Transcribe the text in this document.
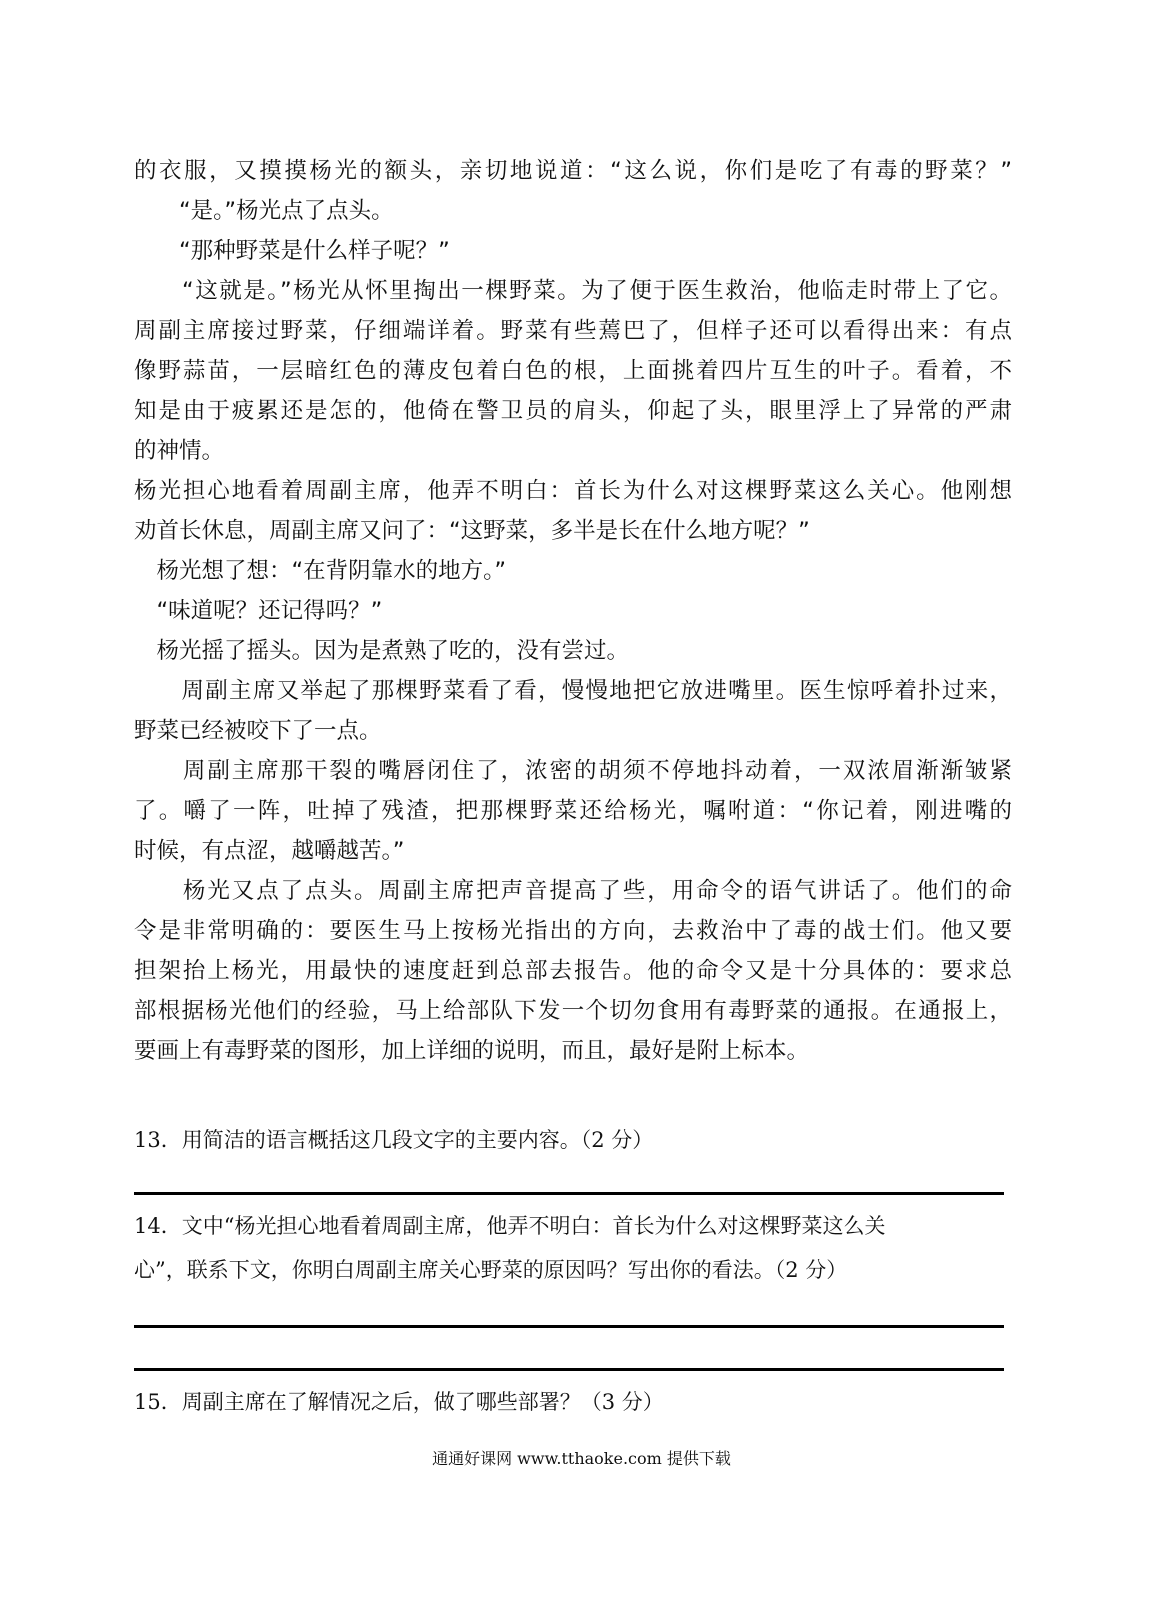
的衣服，又摸摸杨光的额头，亲切地说道：“这么说，你们是吃了有毒的野菜？”
　　“是。”杨光点了点头。
　　“那种野菜是什么样子呢？”
　　“这就是。”杨光从怀里掏出一棵野菜。为了便于医生救治，他临走时带上了它。
周副主席接过野菜，仔细端详着。野菜有些蔫巴了，但样子还可以看得出来：有点
像野蒜苗，一层暗红色的薄皮包着白色的根，上面挑着四片互生的叶子。看着，不
知是由于疲累还是怎的，他倚在警卫员的肩头，仰起了头，眼里浮上了异常的严肃
的神情。
杨光担心地看着周副主席，他弄不明白：首长为什么对这棵野菜这么关心。他刚想
劝首长休息，周副主席又问了：“这野菜，多半是长在什么地方呢？”
　杨光想了想：“在背阴靠水的地方。”
　“味道呢？还记得吗？”
　杨光摇了摇头。因为是煮熟了吃的，没有尝过。
　　周副主席又举起了那棵野菜看了看，慢慢地把它放进嘴里。医生惊呼着扑过来，
野菜已经被咬下了一点。
　　周副主席那干裂的嘴唇闭住了，浓密的胡须不停地抖动着，一双浓眉渐渐皱紧
了。嚼了一阵，吐掉了残渣，把那棵野菜还给杨光，嘱咐道：“你记着，刚进嘴的
时候，有点涩，越嚼越苦。”
　　杨光又点了点头。周副主席把声音提高了些，用命令的语气讲话了。他们的命
令是非常明确的：要医生马上按杨光指出的方向，去救治中了毒的战士们。他又要
担架抬上杨光，用最快的速度赶到总部去报告。他的命令又是十分具体的：要求总
部根据杨光他们的经验，马上给部队下发一个切勿食用有毒野菜的通报。在通报上，
要画上有毒野菜的图形，加上详细的说明，而且，最好是附上标本。
13．用简洁的语言概括这几段文字的主要内容。（2 分）
14．文中“杨光担心地看着周副主席，他弄不明白：首长为什么对这棵野菜这么关
心”，联系下文，你明白周副主席关心野菜的原因吗？写出你的看法。（2 分）
15．周副主席在了解情况之后，做了哪些部署？（3 分）
通通好课网 www.tthaoke.com 提供下载
